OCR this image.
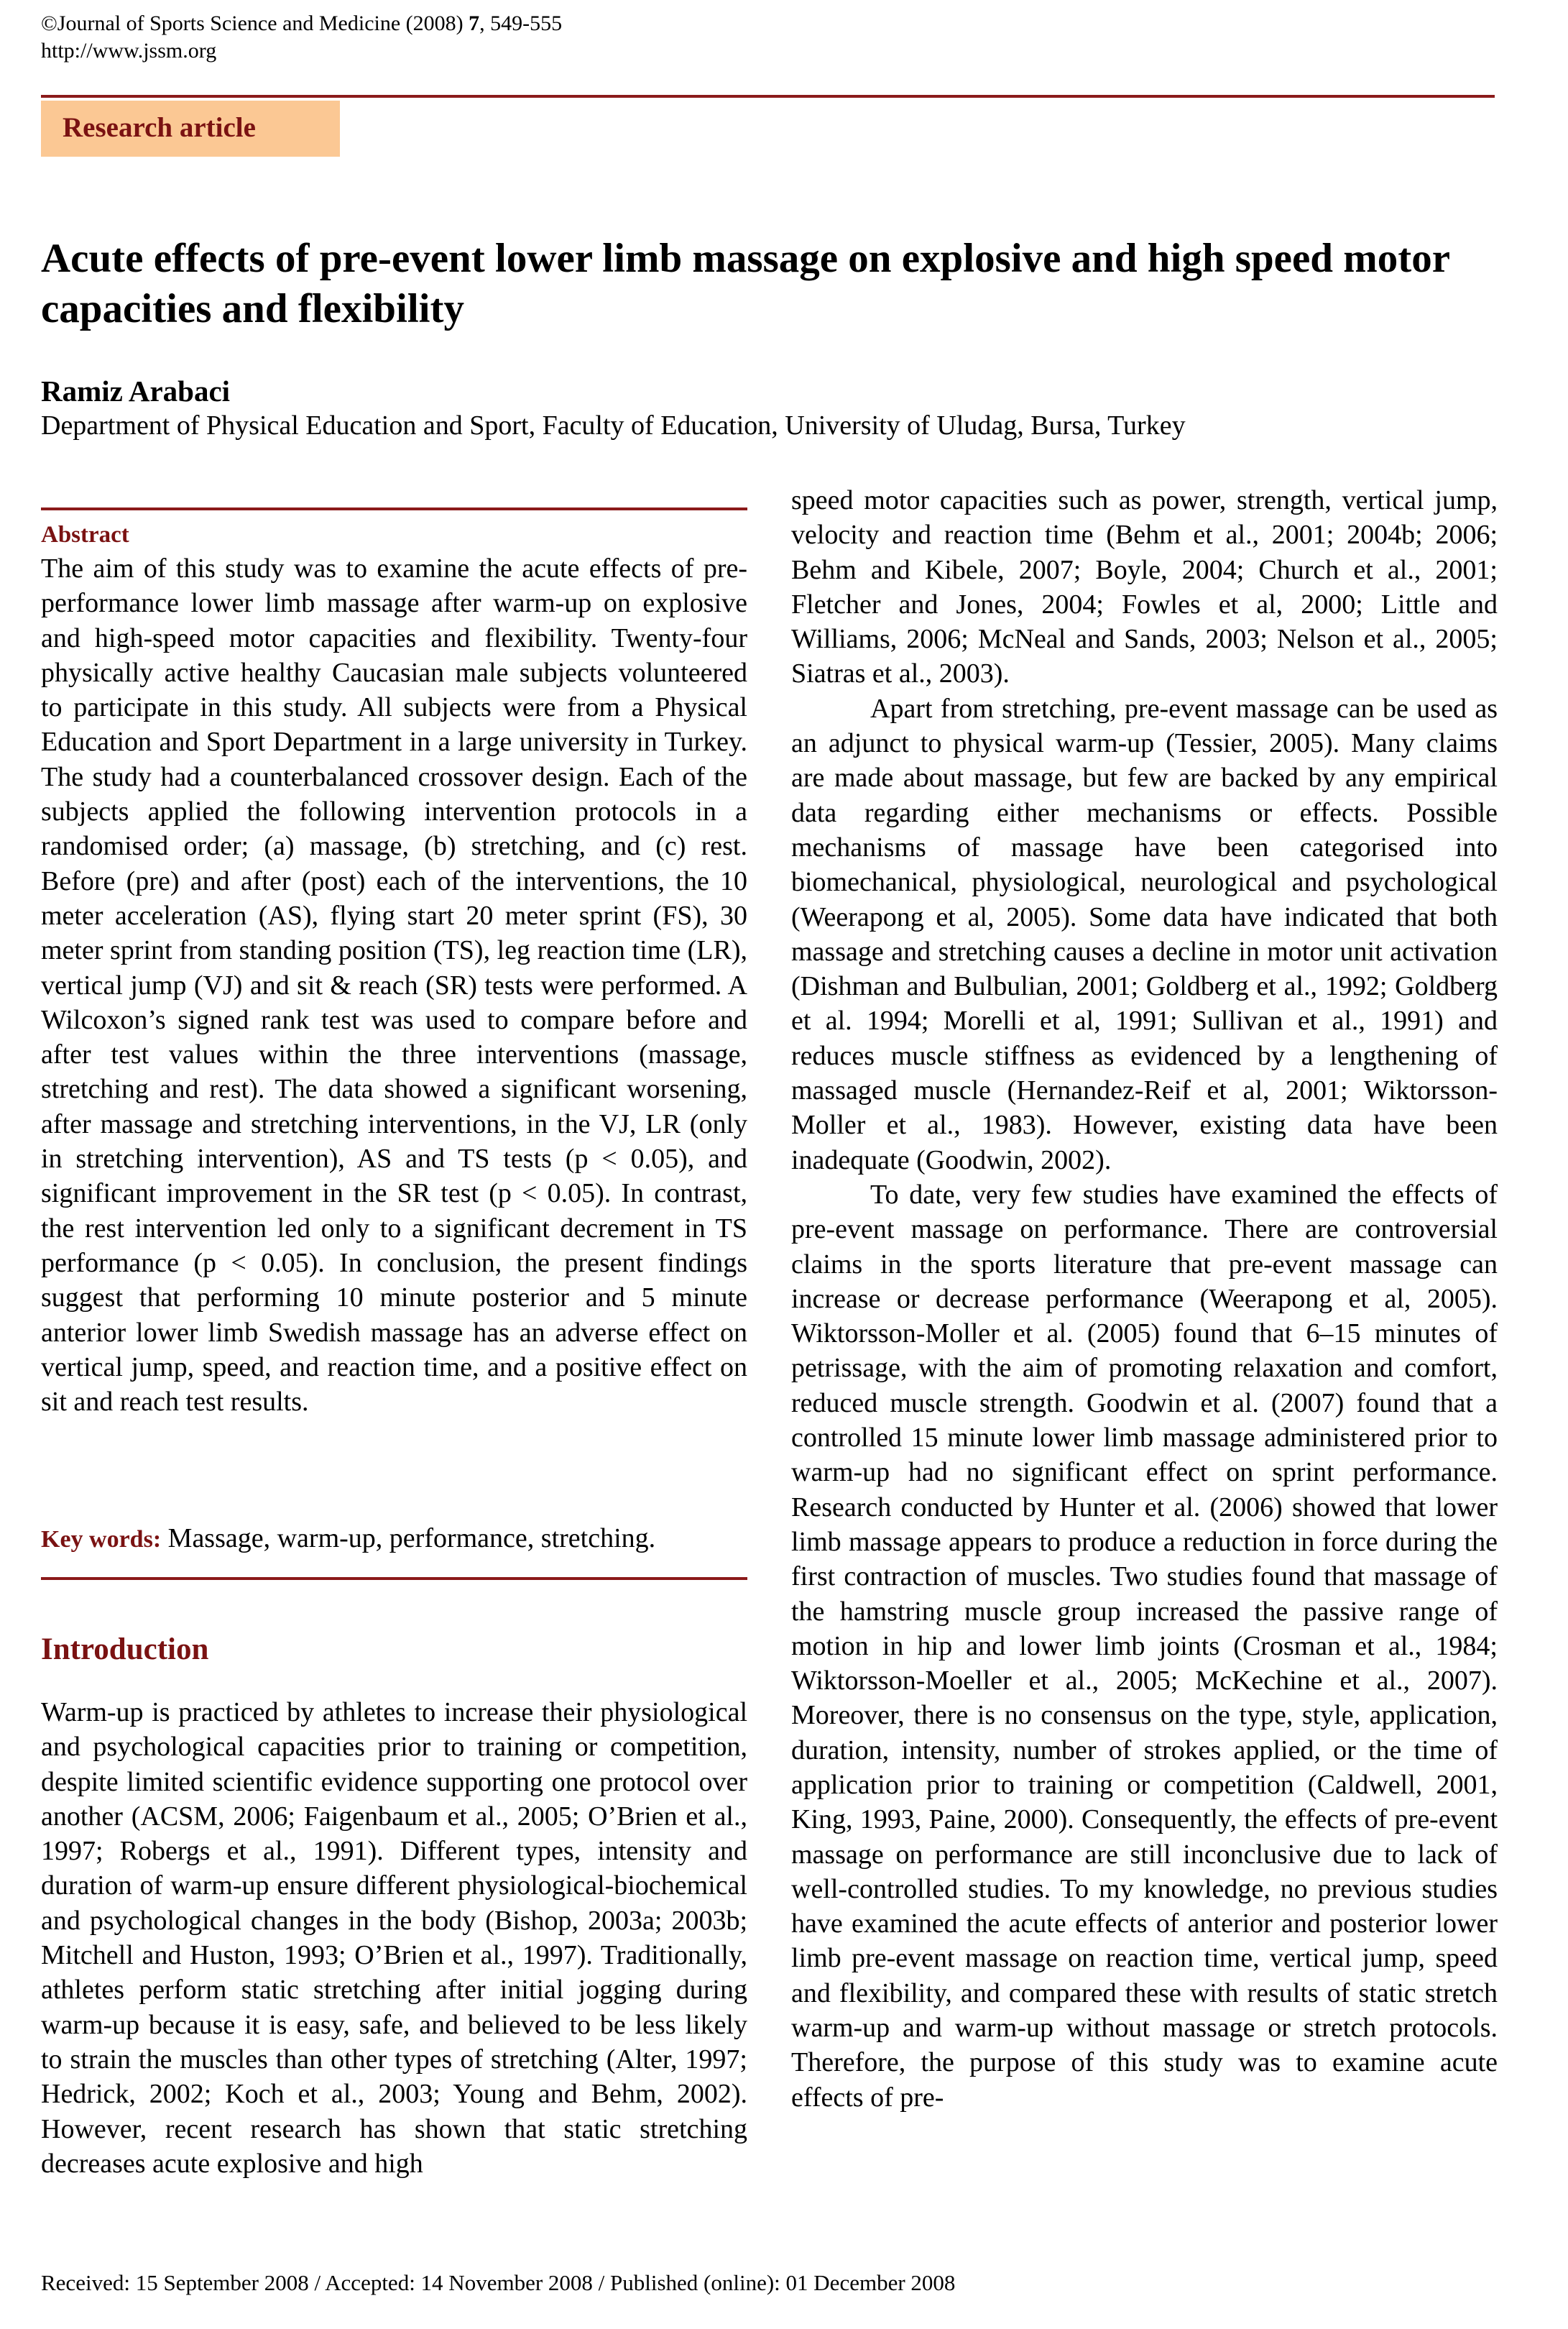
©Journal of Sports Science and Medicine (2008) 7, 549-555
http://www.jssm.org
Research article
Acute effects of pre-event lower limb massage on explosive and high speed motor capacities and flexibility
Ramiz Arabaci
Department of Physical Education and Sport, Faculty of Education, University of Uludag, Bursa, Turkey
Abstract

The aim of this study was to examine the acute effects of pre-performance lower limb massage after warm-up on explosive and high-speed motor capacities and flexibility. Twenty-four physically active healthy Caucasian male subjects volunteered to participate in this study. All subjects were from a Physical Education and Sport Department in a large university in Turkey. The study had a counterbalanced crossover design. Each of the subjects applied the following intervention protocols in a randomised order; (a) massage, (b) stretching, and (c) rest. Before (pre) and after (post) each of the interventions, the 10 meter acceleration (AS), flying start 20 meter sprint (FS), 30 meter sprint from standing position (TS), leg reaction time (LR), vertical jump (VJ) and sit & reach (SR) tests were performed. A Wilcoxon’s signed rank test was used to compare before and after test values within the three interventions (massage, stretching and rest). The data showed a significant worsening, after massage and stretching interventions, in the VJ, LR (only in stretching intervention), AS and TS tests (p < 0.05), and significant improvement in the SR test (p < 0.05). In contrast, the rest intervention led only to a significant decrement in TS performance (p < 0.05). In conclusion, the present findings suggest that performing 10 minute posterior and 5 minute anterior lower limb Swedish massage has an adverse effect on vertical jump, speed, and reaction time, and a positive effect on sit and reach test results.

Key words: Massage, warm-up, performance, stretching.
Introduction

Warm-up is practiced by athletes to increase their physiological and psychological capacities prior to training or competition, despite limited scientific evidence supporting one protocol over another (ACSM, 2006; Faigenbaum et al., 2005; O’Brien et al., 1997; Robergs et al., 1991). Different types, intensity and duration of warm-up ensure different physiological-biochemical and psychological changes in the body (Bishop, 2003a; 2003b; Mitchell and Huston, 1993; O’Brien et al., 1997). Traditionally, athletes perform static stretching after initial jogging during warm-up because it is easy, safe, and believed to be less likely to strain the muscles than other types of stretching (Alter, 1997; Hedrick, 2002; Koch et al., 2003; Young and Behm, 2002). However, recent research has shown that static stretching decreases acute explosive and high

speed motor capacities such as power, strength, vertical jump, velocity and reaction time (Behm et al., 2001; 2004b; 2006; Behm and Kibele, 2007; Boyle, 2004; Church et al., 2001; Fletcher and Jones, 2004; Fowles et al, 2000; Little and Williams, 2006; McNeal and Sands, 2003; Nelson et al., 2005; Siatras et al., 2003).

Apart from stretching, pre-event massage can be used as an adjunct to physical warm-up (Tessier, 2005). Many claims are made about massage, but few are backed by any empirical data regarding either mechanisms or effects. Possible mechanisms of massage have been categorised into biomechanical, physiological, neurological and psychological (Weerapong et al, 2005). Some data have indicated that both massage and stretching causes a decline in motor unit activation (Dishman and Bulbulian, 2001; Goldberg et al., 1992; Goldberg et al. 1994; Morelli et al, 1991; Sullivan et al., 1991) and reduces muscle stiffness as evidenced by a lengthening of massaged muscle (Hernandez-Reif et al, 2001; Wiktorsson-Moller et al., 1983). However, existing data have been inadequate (Goodwin, 2002).

To date, very few studies have examined the effects of pre-event massage on performance. There are controversial claims in the sports literature that pre-event massage can increase or decrease performance (Weerapong et al, 2005). Wiktorsson-Moller et al. (2005) found that 6–15 minutes of petrissage, with the aim of promoting relaxation and comfort, reduced muscle strength. Goodwin et al. (2007) found that a controlled 15 minute lower limb massage administered prior to warm-up had no significant effect on sprint performance. Research conducted by Hunter et al. (2006) showed that lower limb massage appears to produce a reduction in force during the first contraction of muscles. Two studies found that massage of the hamstring muscle group increased the passive range of motion in hip and lower limb joints (Crosman et al., 1984; Wiktorsson-Moeller et al., 2005; McKechine et al., 2007). Moreover, there is no consensus on the type, style, application, duration, intensity, number of strokes applied, or the time of application prior to training or competition (Caldwell, 2001, King, 1993, Paine, 2000). Consequently, the effects of pre-event massage on performance are still inconclusive due to lack of well-controlled studies. To my knowledge, no previous studies have examined the acute effects of anterior and posterior lower limb pre-event massage on reaction time, vertical jump, speed and flexibility, and compared these with results of static stretch warm-up and warm-up without massage or stretch protocols. Therefore, the purpose of this study was to examine acute effects of pre-

Received: 15 September 2008 / Accepted: 14 November 2008 / Published (online): 01 December 2008
